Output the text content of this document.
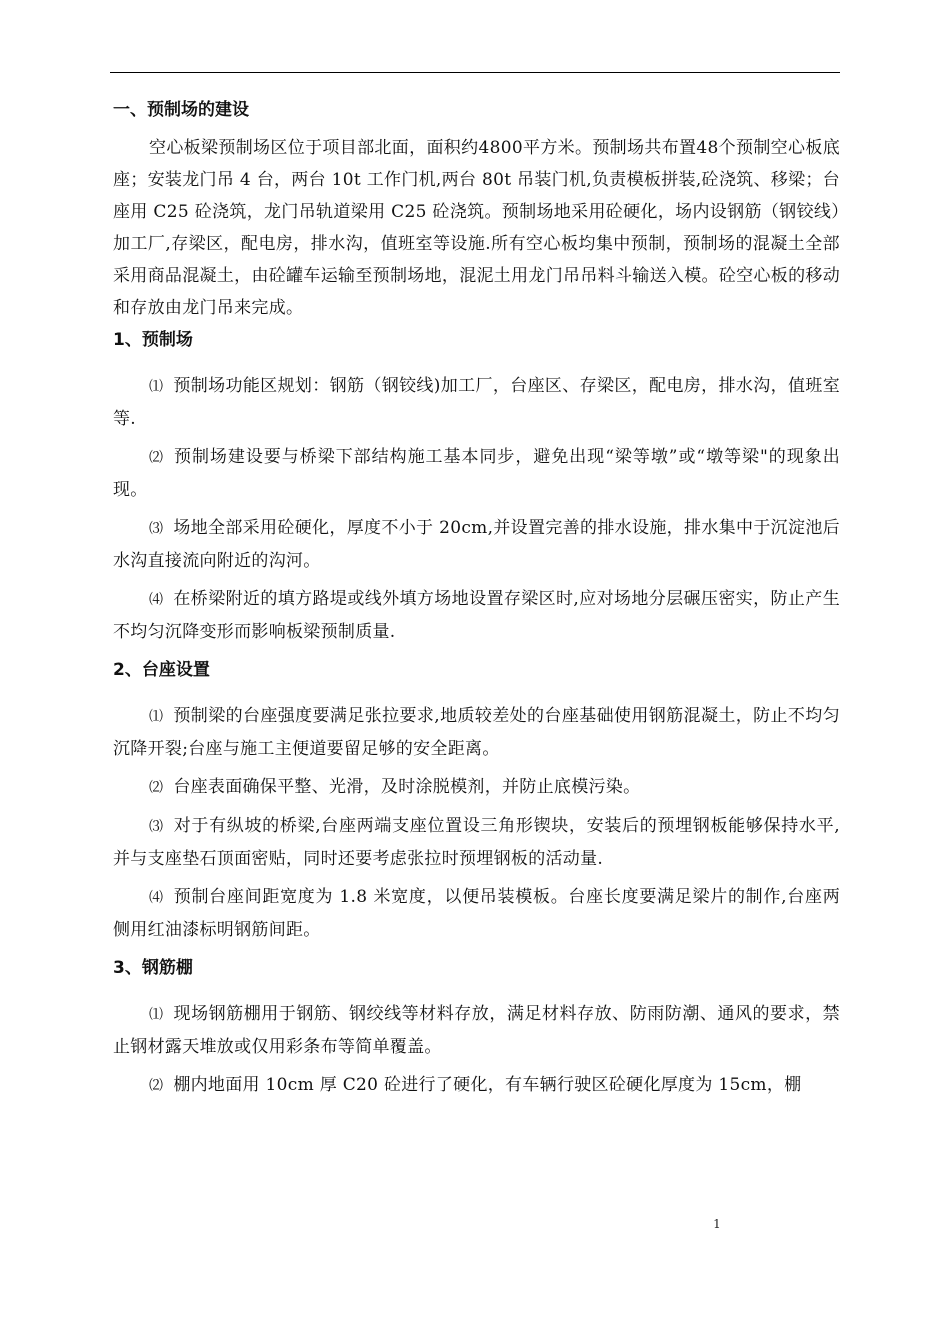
一、预制场的建设

空心板梁预制场区位于项目部北面，面积约4800平方米。预制场共布置48个预制空心板底座；安装龙门吊 4 台，两台 10t 工作门机,两台 80t 吊装门机,负责模板拼装,砼浇筑、移梁；台座用 C25 砼浇筑，龙门吊轨道梁用 C25 砼浇筑。预制场地采用砼硬化，场内设钢筋（钢铰线）加工厂,存梁区，配电房，排水沟，值班室等设施.所有空心板均集中预制，预制场的混凝土全部采用商品混凝土，由砼罐车运输至预制场地，混泥土用龙门吊吊料斗输送入模。砼空心板的移动和存放由龙门吊来完成。

1、预制场

⑴ 预制场功能区规划：钢筋（钢铰线)加工厂，台座区、存梁区，配电房，排水沟，值班室等.

⑵ 预制场建设要与桥梁下部结构施工基本同步，避免出现“梁等墩”或“墩等梁"的现象出现。

⑶ 场地全部采用砼硬化，厚度不小于 20cm,并设置完善的排水设施，排水集中于沉淀池后水沟直接流向附近的沟河。

⑷ 在桥梁附近的填方路堤或线外填方场地设置存梁区时,应对场地分层碾压密实，防止产生不均匀沉降变形而影响板梁预制质量.

2、台座设置

⑴ 预制梁的台座强度要满足张拉要求,地质较差处的台座基础使用钢筋混凝土，防止不均匀沉降开裂;台座与施工主便道要留足够的安全距离。

⑵ 台座表面确保平整、光滑，及时涂脱模剂，并防止底模污染。

⑶ 对于有纵坡的桥梁,台座两端支座位置设三角形锲块，安装后的预埋钢板能够保持水平,并与支座垫石顶面密贴，同时还要考虑张拉时预埋钢板的活动量.

⑷ 预制台座间距宽度为 1.8 米宽度，以便吊装模板。台座长度要满足梁片的制作,台座两侧用红油漆标明钢筋间距。

3、钢筋棚

⑴ 现场钢筋棚用于钢筋、钢绞线等材料存放，满足材料存放、防雨防潮、通风的要求，禁止钢材露天堆放或仅用彩条布等简单覆盖。

⑵ 棚内地面用 10cm 厚 C20 砼进行了硬化，有车辆行驶区砼硬化厚度为 15cm，棚

1
